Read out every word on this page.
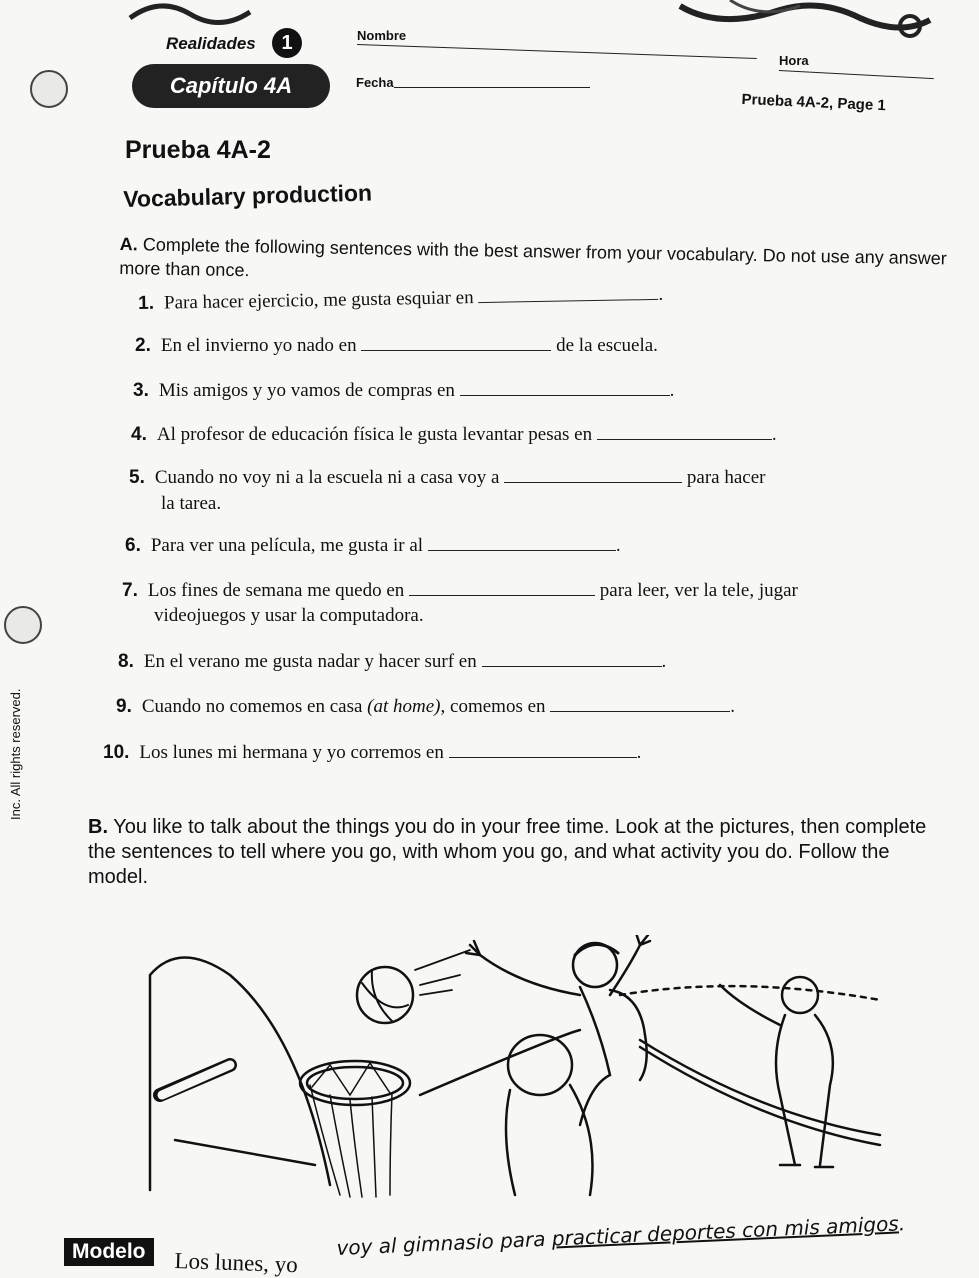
Realidades	1
Capítulo 4A
Nombre
Hora
Fecha
Prueba 4A-2, Page 1
Prueba 4A-2
Vocabulary production
A. Complete the following sentences with the best answer from your vocabulary. Do not use any answer more than once.
1. Para hacer ejercicio, me gusta esquiar en	.
2. En el invierno yo nado en	de la escuela.
3. Mis amigos y yo vamos de compras en	.
4. Al profesor de educación física le gusta levantar pesas en	.
5. Cuando no voy ni a la escuela ni a casa voy a	para hacer
la tarea.
6. Para ver una película, me gusta ir al	.
7. Los fines de semana me quedo en	para leer, ver la tele, jugar
videojuegos y usar la computadora.
8. En el verano me gusta nadar y hacer surf en	.
9. Cuando no comemos en casa (at home), comemos en	.
10. Los lunes mi hermana y yo corremos en	.
B. You like to talk about the things you do in your free time. Look at the pictures, then complete the sentences to tell where you go, with whom you go, and what activity you do. Follow the model.
Inc. All rights reserved.
Modelo	Los lunes, yo
voy al gimnasio para practicar deportes con mis amigos.
